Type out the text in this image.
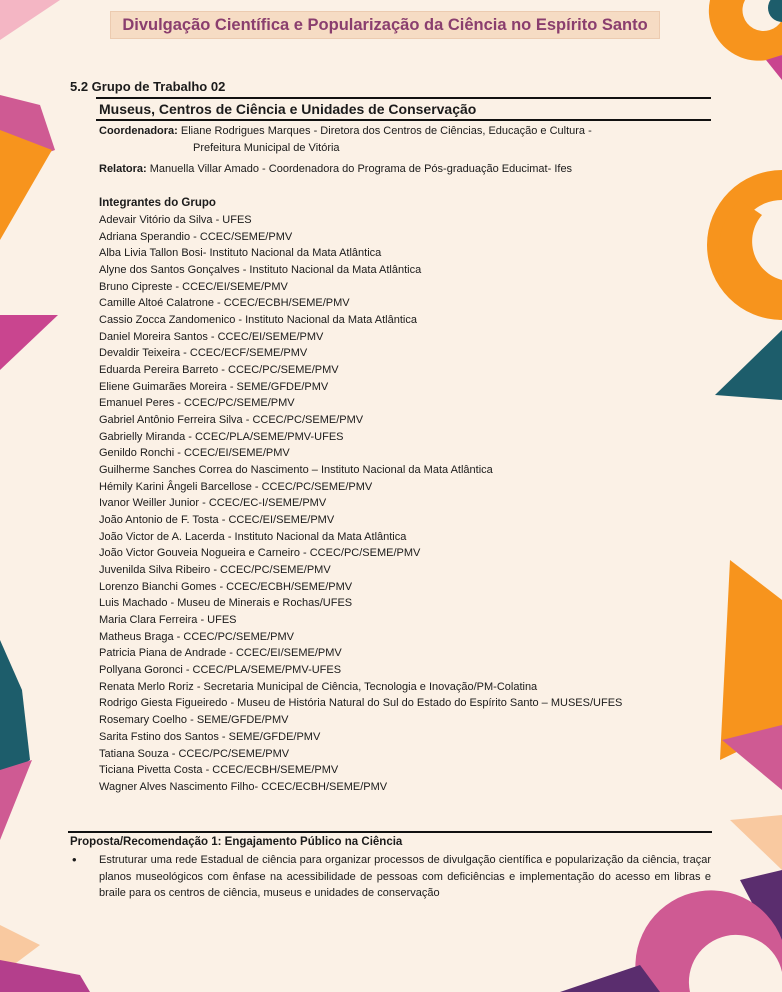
Divulgação Científica e Popularização da Ciência no Espírito Santo
5.2 Grupo de Trabalho 02
Museus, Centros de Ciência e Unidades de Conservação
Coordenadora: Eliane Rodrigues Marques - Diretora dos Centros de Ciências, Educação e Cultura -
Prefeitura Municipal de Vitória
Relatora: Manuella Villar Amado - Coordenadora do Programa de Pós-graduação Educimat- Ifes
Integrantes do Grupo
Adevair Vitório da Silva - UFES
Adriana Sperandio - CCEC/SEME/PMV
Alba Livia Tallon Bosi- Instituto Nacional da Mata Atlântica
Alyne dos Santos Gonçalves - Instituto Nacional da Mata Atlântica
Bruno Cipreste - CCEC/EI/SEME/PMV
Camille Altoé Calatrone - CCEC/ECBH/SEME/PMV
Cassio Zocca Zandomenico - Instituto Nacional da Mata Atlântica
Daniel Moreira Santos - CCEC/EI/SEME/PMV
Devaldir Teixeira - CCEC/ECF/SEME/PMV
Eduarda Pereira Barreto - CCEC/PC/SEME/PMV
Eliene Guimarães Moreira - SEME/GFDE/PMV
Emanuel Peres - CCEC/PC/SEME/PMV
Gabriel Antônio Ferreira Silva - CCEC/PC/SEME/PMV
Gabrielly Miranda - CCEC/PLA/SEME/PMV-UFES
Genildo Ronchi - CCEC/EI/SEME/PMV
Guilherme Sanches Correa do Nascimento – Instituto Nacional da Mata Atlântica
Hémily Karini Ângeli Barcellose - CCEC/PC/SEME/PMV
Ivanor Weiller Junior - CCEC/EC-I/SEME/PMV
João Antonio de F. Tosta - CCEC/EI/SEME/PMV
João Victor de A. Lacerda - Instituto Nacional da Mata Atlântica
João Victor Gouveia Nogueira e Carneiro - CCEC/PC/SEME/PMV
Juvenilda Silva Ribeiro - CCEC/PC/SEME/PMV
Lorenzo Bianchi Gomes - CCEC/ECBH/SEME/PMV
Luis Machado - Museu de Minerais e Rochas/UFES
Maria Clara Ferreira - UFES
Matheus Braga - CCEC/PC/SEME/PMV
Patricia Piana de Andrade - CCEC/EI/SEME/PMV
Pollyana Goronci - CCEC/PLA/SEME/PMV-UFES
Renata Merlo Roriz - Secretaria Municipal de Ciência, Tecnologia e Inovação/PM-Colatina
Rodrigo Giesta Figueiredo - Museu de História Natural do Sul do Estado do Espírito Santo – MUSES/UFES
Rosemary Coelho - SEME/GFDE/PMV
Sarita Fstino dos Santos - SEME/GFDE/PMV
Tatiana Souza - CCEC/PC/SEME/PMV
Ticiana Pivetta Costa - CCEC/ECBH/SEME/PMV
Wagner Alves Nascimento Filho- CCEC/ECBH/SEME/PMV
Proposta/Recomendação 1: Engajamento Público na Ciência
• Estruturar uma rede Estadual de ciência para organizar processos de divulgação científica e popularização da ciência, traçar planos museológicos com ênfase na acessibilidade de pessoas com deficiências e implementação do acesso em libras e braile para os centros de ciência, museus e unidades de conservação
